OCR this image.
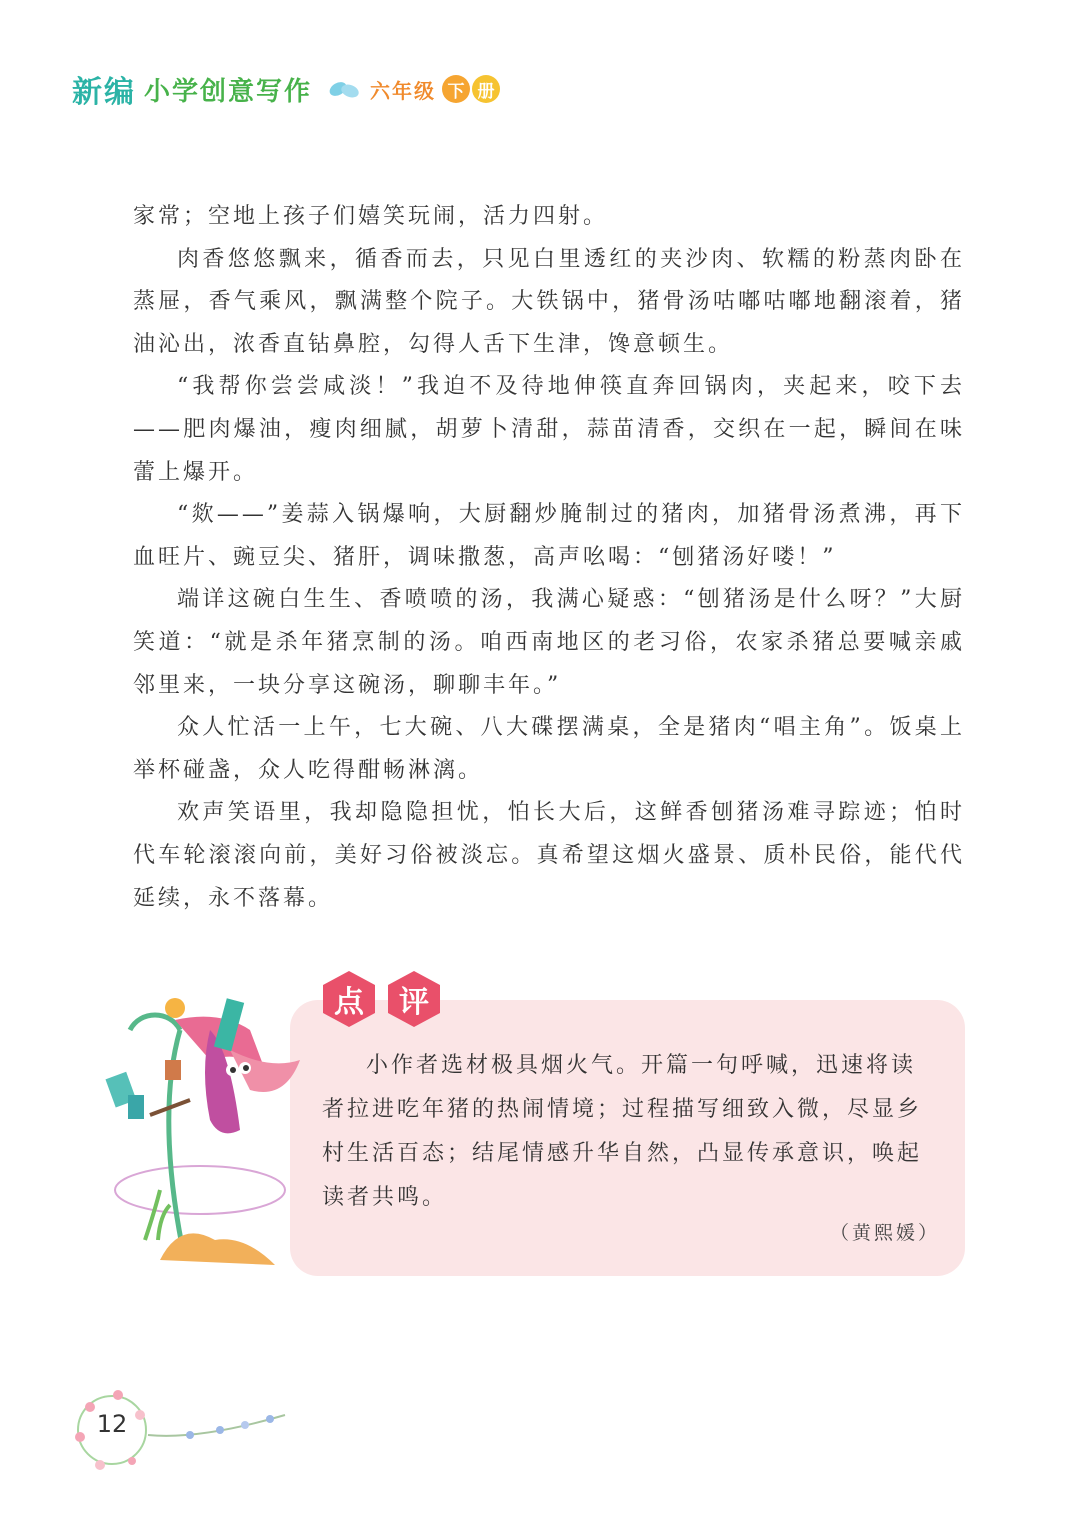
新编 小学创意写作	六年级 下 册

家常；空地上孩子们嬉笑玩闹，活力四射。

肉香悠悠飘来，循香而去，只见白里透红的夹沙肉、软糯的粉蒸肉卧在蒸屉，香气乘风，飘满整个院子。大铁锅中，猪骨汤咕嘟咕嘟地翻滚着，猪油沁出，浓香直钻鼻腔，勾得人舌下生津，馋意顿生。

“我帮你尝尝咸淡！”我迫不及待地伸筷直奔回锅肉，夹起来，咬下去——肥肉爆油，瘦肉细腻，胡萝卜清甜，蒜苗清香，交织在一起，瞬间在味蕾上爆开。

“欻——”姜蒜入锅爆响，大厨翻炒腌制过的猪肉，加猪骨汤煮沸，再下血旺片、豌豆尖、猪肝，调味撒葱，高声吆喝：“刨猪汤好喽！”

端详这碗白生生、香喷喷的汤，我满心疑惑：“刨猪汤是什么呀？”大厨笑道：“就是杀年猪烹制的汤。咱西南地区的老习俗，农家杀猪总要喊亲戚邻里来，一块分享这碗汤，聊聊丰年。”

众人忙活一上午，七大碗、八大碟摆满桌，全是猪肉“唱主角”。饭桌上举杯碰盏，众人吃得酣畅淋漓。

欢声笑语里，我却隐隐担忧，怕长大后，这鲜香刨猪汤难寻踪迹；怕时代车轮滚滚向前，美好习俗被淡忘。真希望这烟火盛景、质朴民俗，能代代延续，永不落幕。

点 评

小作者选材极具烟火气。开篇一句呼喊，迅速将读者拉进吃年猪的热闹情境；过程描写细致入微，尽显乡村生活百态；结尾情感升华自然，凸显传承意识，唤起读者共鸣。

（黄熙媛）
12
